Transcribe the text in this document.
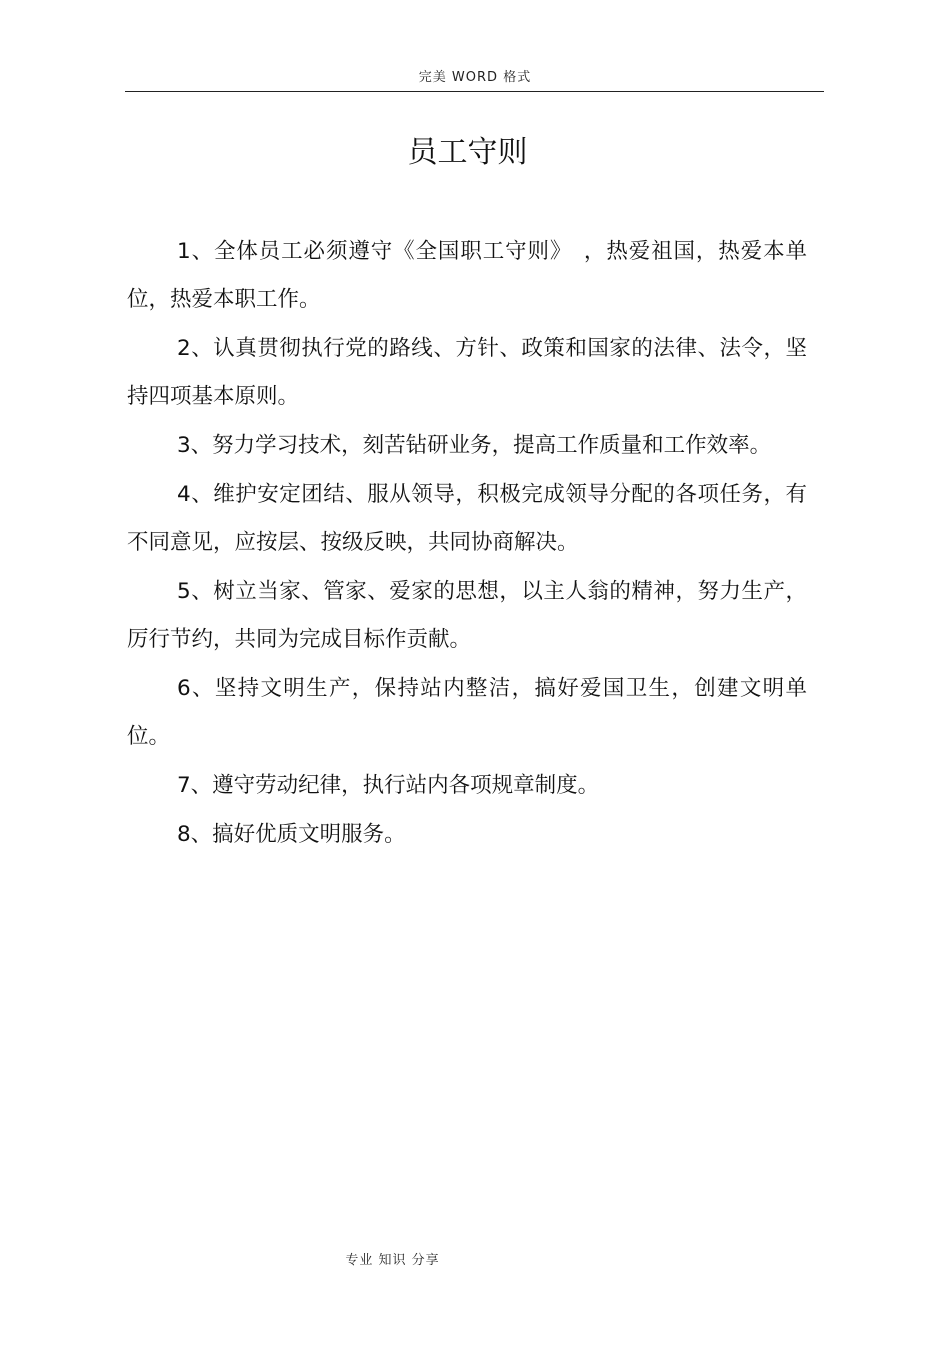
完美 WORD 格式
员工守则
1、全体员工必须遵守《全国职工守则》　，热爱祖国，热爱本单位，热爱本职工作。
2、认真贯彻执行党的路线、方针、政策和国家的法律、法令，坚持四项基本原则。
3、努力学习技术，刻苦钻研业务，提高工作质量和工作效率。
4、维护安定团结、服从领导，积极完成领导分配的各项任务，有不同意见，应按层、按级反映，共同协商解决。
5、树立当家、管家、爱家的思想，以主人翁的精神，努力生产，厉行节约，共同为完成目标作贡献。
6、坚持文明生产，保持站内整洁，搞好爱国卫生，创建文明单位。
7、遵守劳动纪律，执行站内各项规章制度。
8、搞好优质文明服务。
专业 知识 分享
